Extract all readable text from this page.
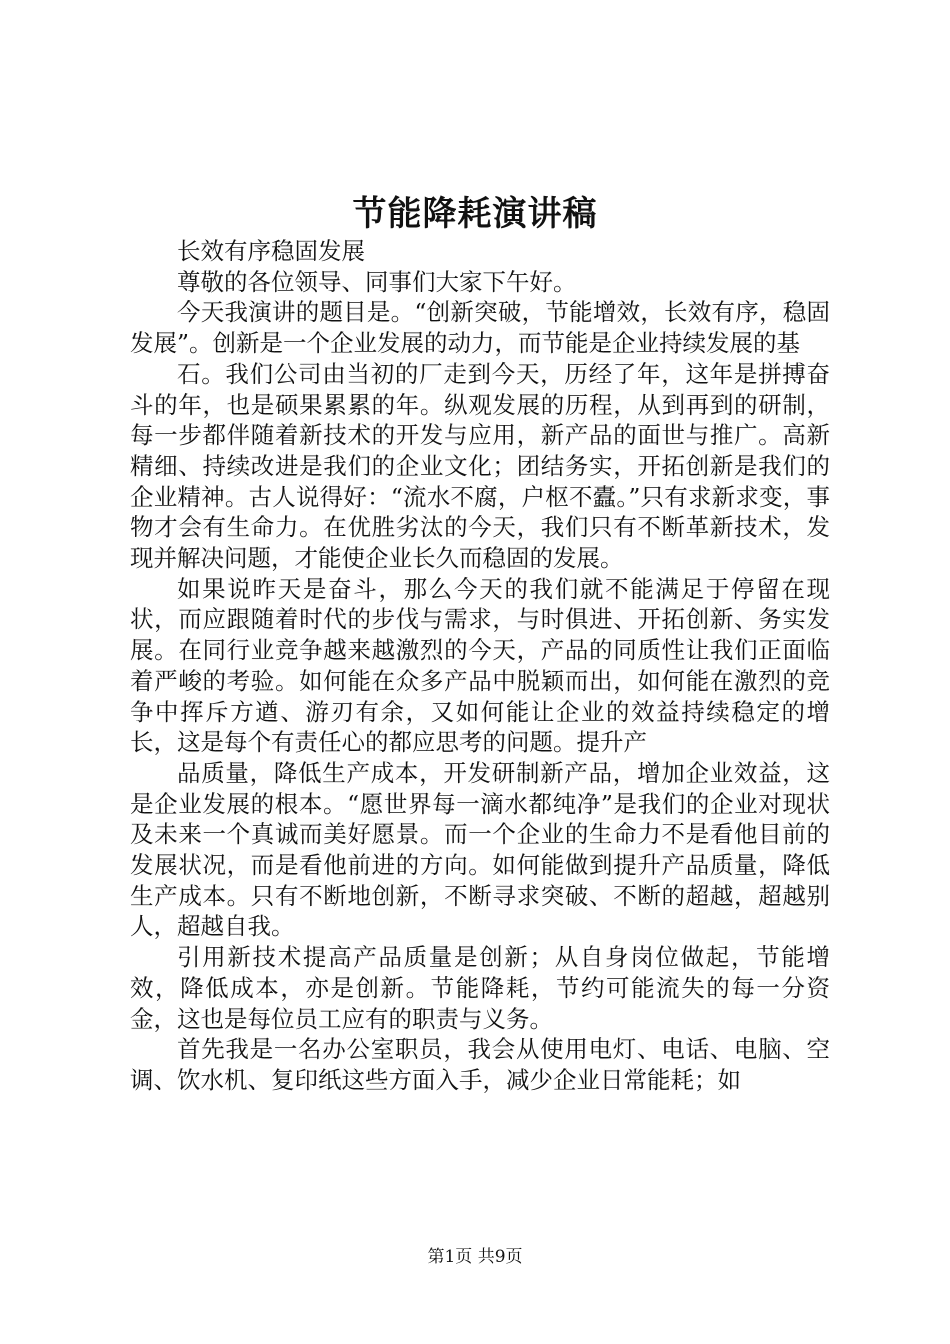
节能降耗演讲稿

长效有序稳固发展

尊敬的各位领导、同事们大家下午好。

今天我演讲的题目是。“创新突破，节能增效，长效有序，稳固发展”。创新是一个企业发展的动力，而节能是企业持续发展的基

石。我们公司由当初的厂走到今天，历经了年，这年是拼搏奋斗的年，也是硕果累累的年。纵观发展的历程，从到再到的研制，每一步都伴随着新技术的开发与应用，新产品的面世与推广。高新精细、持续改进是我们的企业文化；团结务实，开拓创新是我们的企业精神。古人说得好：“流水不腐，户枢不蠹。”只有求新求变，事物才会有生命力。在优胜劣汰的今天，我们只有不断革新技术，发现并解决问题，才能使企业长久而稳固的发展。

如果说昨天是奋斗，那么今天的我们就不能满足于停留在现状，而应跟随着时代的步伐与需求，与时俱进、开拓创新、务实发展。在同行业竞争越来越激烈的今天，产品的同质性让我们正面临着严峻的考验。如何能在众多产品中脱颖而出，如何能在激烈的竞争中挥斥方遒、游刃有余，又如何能让企业的效益持续稳定的增长，这是每个有责任心的都应思考的问题。提升产

品质量，降低生产成本，开发研制新产品，增加企业效益，这是企业发展的根本。“愿世界每一滴水都纯净”是我们的企业对现状及未来一个真诚而美好愿景。而一个企业的生命力不是看他目前的发展状况，而是看他前进的方向。如何能做到提升产品质量，降低生产成本。只有不断地创新，不断寻求突破、不断的超越，超越别人，超越自我。

引用新技术提高产品质量是创新；从自身岗位做起，节能增效，降低成本，亦是创新。节能降耗，节约可能流失的每一分资金，这也是每位员工应有的职责与义务。

首先我是一名办公室职员，我会从使用电灯、电话、电脑、空调、饮水机、复印纸这些方面入手，减少企业日常能耗；如

第1页 共9页
